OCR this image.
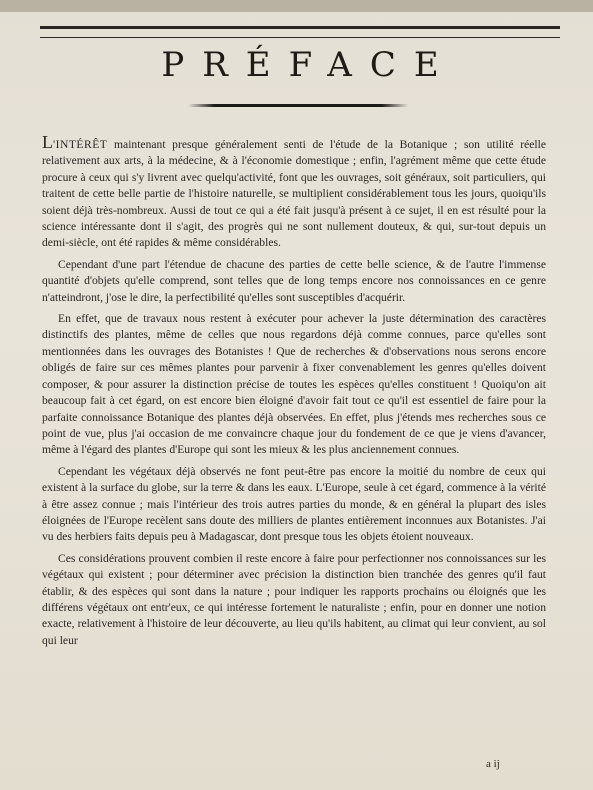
PRÉFACE

L'INTÉRÊT maintenant presque généralement senti de l'étude de la Botanique ; son utilité réelle relativement aux arts, à la médecine, & à l'économie domestique ; enfin, l'agrément même que cette étude procure à ceux qui s'y livrent avec quelqu'activité, font que les ouvrages, soit généraux, soit particuliers, qui traitent de cette belle partie de l'histoire naturelle, se multiplient considérablement tous les jours, quoiqu'ils soient déjà très-nombreux. Aussi de tout ce qui a été fait jusqu'à présent à ce sujet, il en est résulté pour la science intéressante dont il s'agit, des progrès qui ne sont nullement douteux, & qui, sur-tout depuis un demi-siècle, ont été rapides & même considérables.

Cependant d'une part l'étendue de chacune des parties de cette belle science, & de l'autre l'immense quantité d'objets qu'elle comprend, sont telles que de long temps encore nos connoissances en ce genre n'atteindront, j'ose le dire, la perfectibilité qu'elles sont susceptibles d'acquérir.

En effet, que de travaux nous restent à exécuter pour achever la juste détermination des caractères distinctifs des plantes, même de celles que nous regardons déjà comme connues, parce qu'elles sont mentionnées dans les ouvrages des Botanistes ! Que de recherches & d'observations nous serons encore obligés de faire sur ces mêmes plantes pour parvenir à fixer convenablement les genres qu'elles doivent composer, & pour assurer la distinction précise de toutes les espèces qu'elles constituent ! Quoiqu'on ait beaucoup fait à cet égard, on est encore bien éloigné d'avoir fait tout ce qu'il est essentiel de faire pour la parfaite connoissance Botanique des plantes déjà observées. En effet, plus j'étends mes recherches sous ce point de vue, plus j'ai occasion de me convaincre chaque jour du fondement de ce que je viens d'avancer, même à l'égard des plantes d'Europe qui sont les mieux & les plus anciennement connues.

Cependant les végétaux déjà observés ne font peut-être pas encore la moitié du nombre de ceux qui existent à la surface du globe, sur la terre & dans les eaux. L'Europe, seule à cet égard, commence à la vérité à être assez connue ; mais l'intérieur des trois autres parties du monde, & en général la plupart des isles éloignées de l'Europe recèlent sans doute des milliers de plantes entièrement inconnues aux Botanistes. J'ai vu des herbiers faits depuis peu à Madagascar, dont presque tous les objets étoient nouveaux.

Ces considérations prouvent combien il reste encore à faire pour perfectionner nos connoissances sur les végétaux qui existent ; pour déterminer avec précision la distinction bien tranchée des genres qu'il faut établir, & des espèces qui sont dans la nature ; pour indiquer les rapports prochains ou éloignés que les différens végétaux ont entr'eux, ce qui intéresse fortement le naturaliste ; enfin, pour en donner une notion exacte, relativement à l'histoire de leur découverte, au lieu qu'ils habitent, au climat qui leur convient, au sol qui leur

a ij
